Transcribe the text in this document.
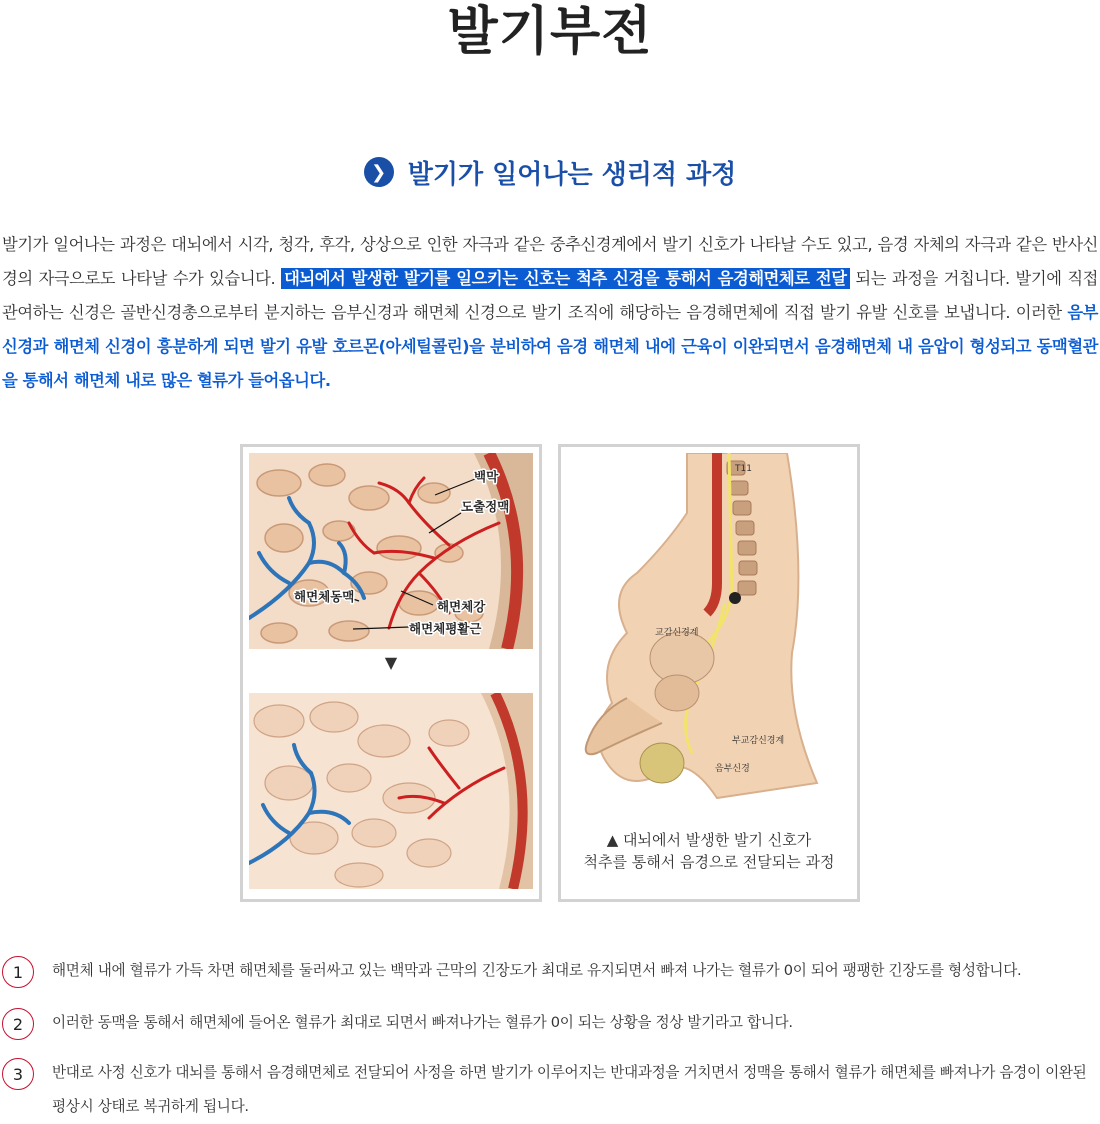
발기부전
❯ 발기가 일어나는 생리적 과정

발기가 일어나는 과정은 대뇌에서 시각, 청각, 후각, 상상으로 인한 자극과 같은 중추신경계에서 발기 신호가 나타날 수도 있고, 음경 자체의 자극과 같은 반사신경의 자극으로도 나타날 수가 있습니다. 대뇌에서 발생한 발기를 일으키는 신호는 척추 신경을 통해서 음경해면체로 전달 되는 과정을 거칩니다. 발기에 직접 관여하는 신경은 골반신경총으로부터 분지하는 음부신경과 해면체 신경으로 발기 조직에 해당하는 음경해면체에 직접 발기 유발 신호를 보냅니다. 이러한 음부신경과 해면체 신경이 흥분하게 되면 발기 유발 호르몬(아세틸콜린)을 분비하여 음경 해면체 내에 근육이 이완되면서 음경해면체 내 음압이 형성되고 동맥혈관을 통해서 해면체 내로 많은 혈류가 들어옵니다.

백막
도출정맥
해면체동맥
해면체강
해면체평활근
▼
T11
교감신경계
부교감신경계
음부신경
▲ 대뇌에서 발생한 발기 신호가
척추를 통해서 음경으로 전달되는 과정
1	해면체 내에 혈류가 가득 차면 해면체를 둘러싸고 있는 백막과 근막의 긴장도가 최대로 유지되면서 빠져 나가는 혈류가 0이 되어 팽팽한 긴장도를 형성합니다.

2	이러한 동맥을 통해서 해면체에 들어온 혈류가 최대로 되면서 빠져나가는 혈류가 0이 되는 상황을 정상 발기라고 합니다.

3	반대로 사정 신호가 대뇌를 통해서 음경해면체로 전달되어 사정을 하면 발기가 이루어지는 반대과정을 거치면서 정맥을 통해서 혈류가 해면체를 빠져나가 음경이 이완된 평상시 상태로 복귀하게 됩니다.
